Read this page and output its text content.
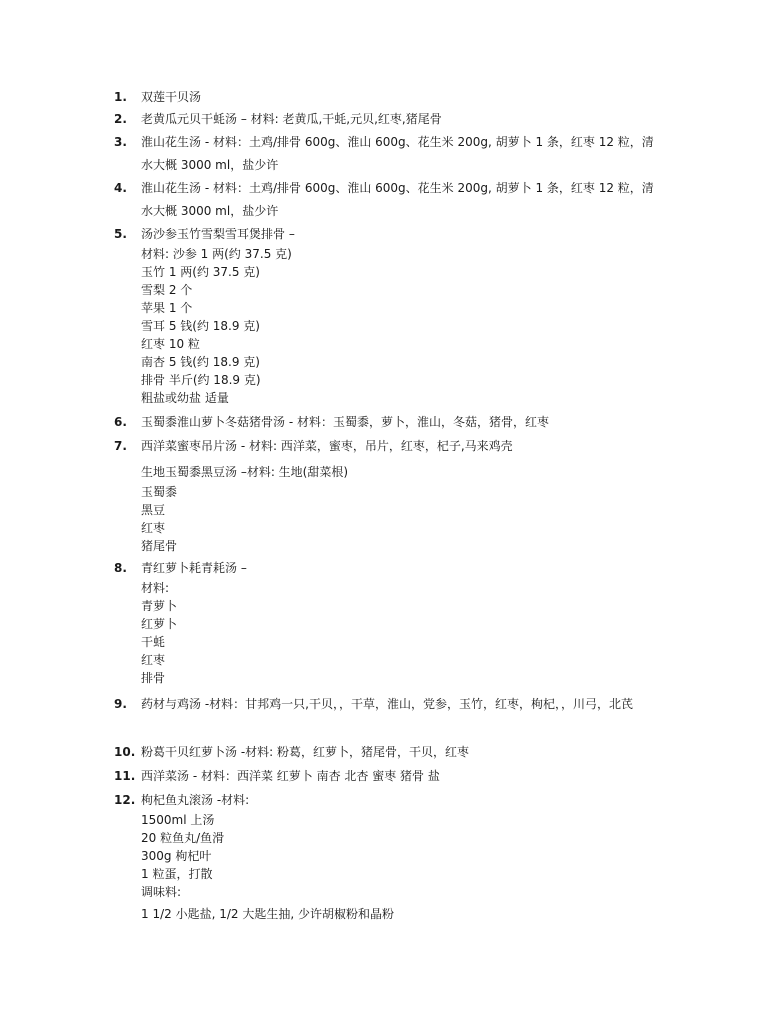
1.	双莲干贝汤
2.	老黄瓜元贝干蚝汤 – 材料: 老黄瓜,干蚝,元贝,红枣,猪尾骨
3.	淮山花生汤 - 材料：土鸡/排骨 600g、淮山 600g、花生米 200g, 胡萝卜 1 条，红枣 12 粒，清水大概 3000 ml，盐少许
4.	淮山花生汤 - 材料：土鸡/排骨 600g、淮山 600g、花生米 200g, 胡萝卜 1 条，红枣 12 粒，清水大概 3000 ml，盐少许
5.	汤沙参玉竹雪梨雪耳煲排骨 –
材料: 沙参 1 两(约 37.5 克)
玉竹 1 两(约 37.5 克)
雪梨 2 个
苹果 1 个
雪耳 5 钱(约 18.9 克)
红枣 10 粒
南杏 5 钱(约 18.9 克)
排骨 半斤(约 18.9 克)
粗盐或幼盐 适量
6.	玉蜀黍淮山萝卜冬菇猪骨汤 - 材料：玉蜀黍，萝卜，淮山，冬菇，猪骨，红枣
7.	西洋菜蜜枣吊片汤 - 材料: 西洋菜，蜜枣，吊片，红枣，杞子,马来鸡壳
生地玉蜀黍黑豆汤 –材料: 生地(甜菜根)
玉蜀黍
黑豆
红枣
猪尾骨
8.	青红萝卜耗青耗汤 –
材料:
青萝卜
红萝卜
干蚝
红枣
排骨
9.	药材与鸡汤 -材料：甘邦鸡一只,干贝，，干草，淮山，党参，玉竹，红枣，枸杞，，川弓，北芪
10. 粉葛干贝红萝卜汤 -材料: 粉葛，红萝卜，猪尾骨，干贝，红枣
11. 西洋菜汤 - 材料：西洋菜 红萝卜 南杏 北杏 蜜枣 猪骨 盐
12. 枸杞鱼丸滚汤 -材料:
1500ml 上汤
20 粒鱼丸/鱼滑
300g 枸杞叶
1 粒蛋，打散
调味料:
1 1/2 小匙盐, 1/2 大匙生抽, 少许胡椒粉和晶粉
